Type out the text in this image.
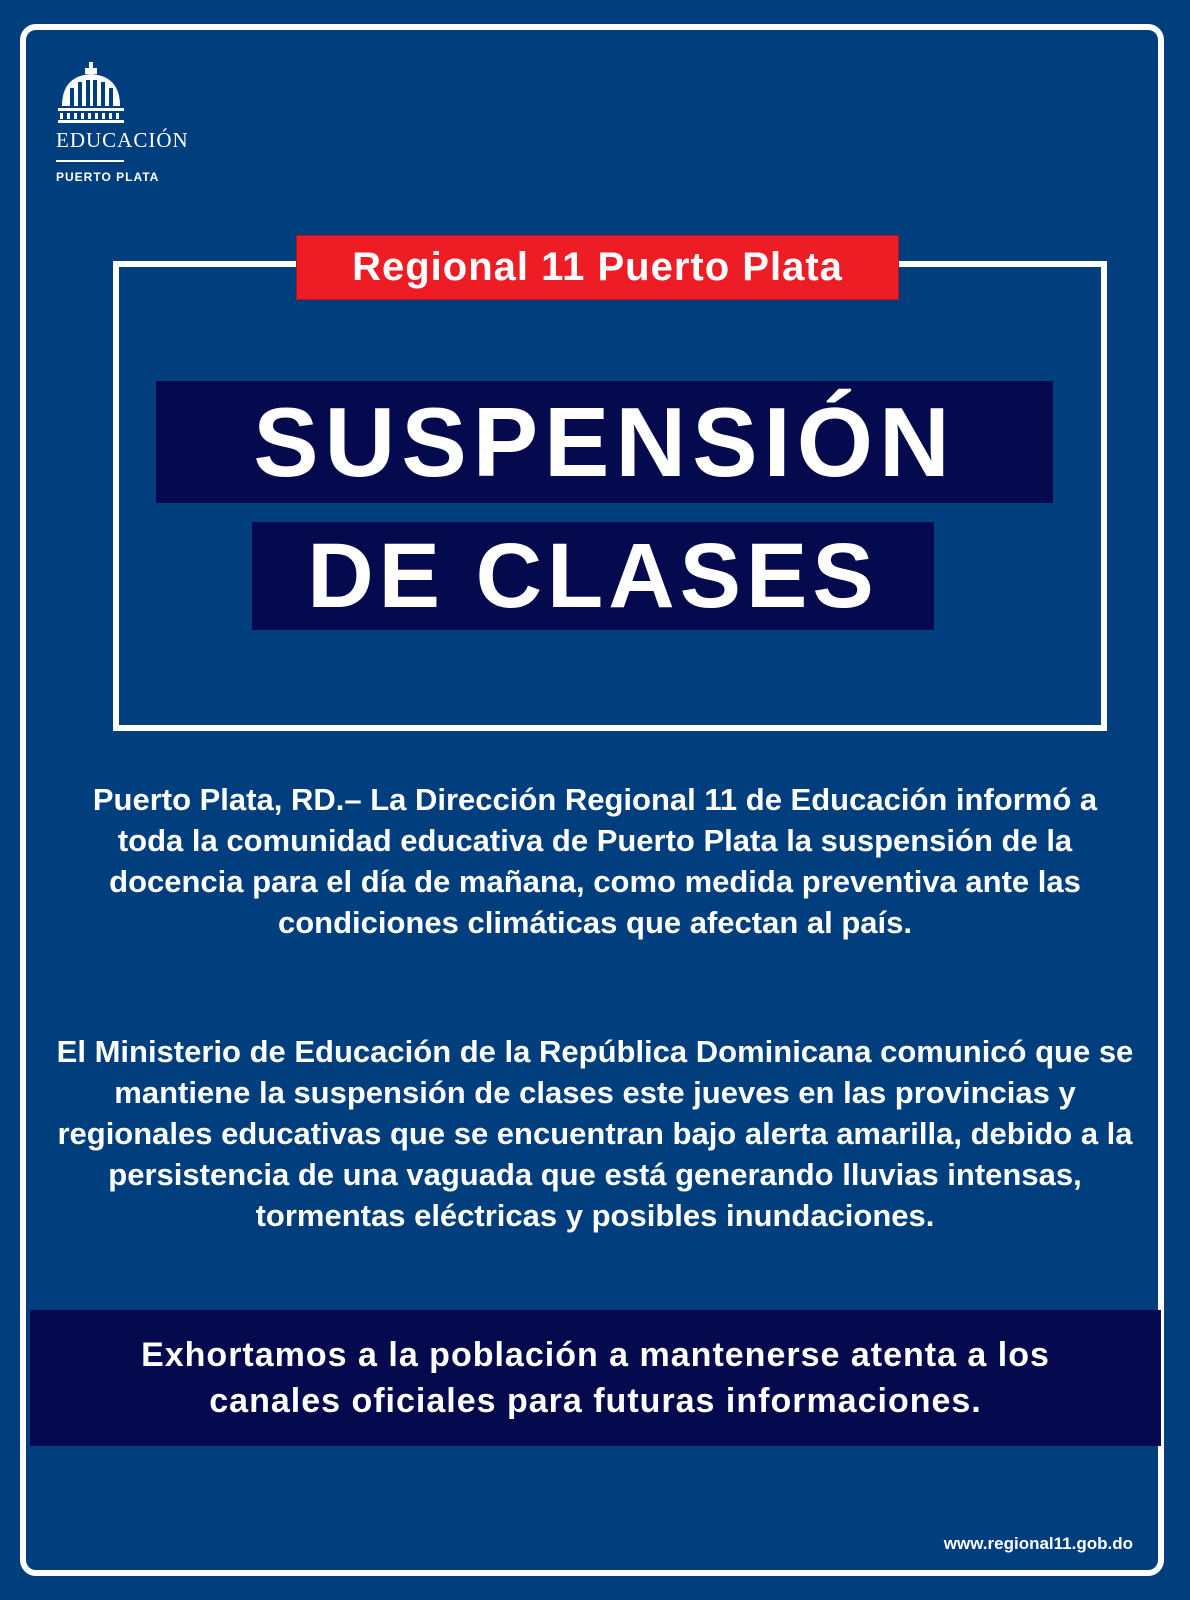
EDUCACIÓN
PUERTO PLATA
Regional 11 Puerto Plata
SUSPENSIÓN
DE CLASES

Puerto Plata, RD.– La Dirección Regional 11 de Educación informó a toda la comunidad educativa de Puerto Plata la suspensión de la docencia para el día de mañana, como medida preventiva ante las condiciones climáticas que afectan al país.

El Ministerio de Educación de la República Dominicana comunicó que se mantiene la suspensión de clases este jueves en las provincias y regionales educativas que se encuentran bajo alerta amarilla, debido a la persistencia de una vaguada que está generando lluvias intensas, tormentas eléctricas y posibles inundaciones.

Exhortamos a la población a mantenerse atenta a los canales oficiales para futuras informaciones.
www.regional11.gob.do
